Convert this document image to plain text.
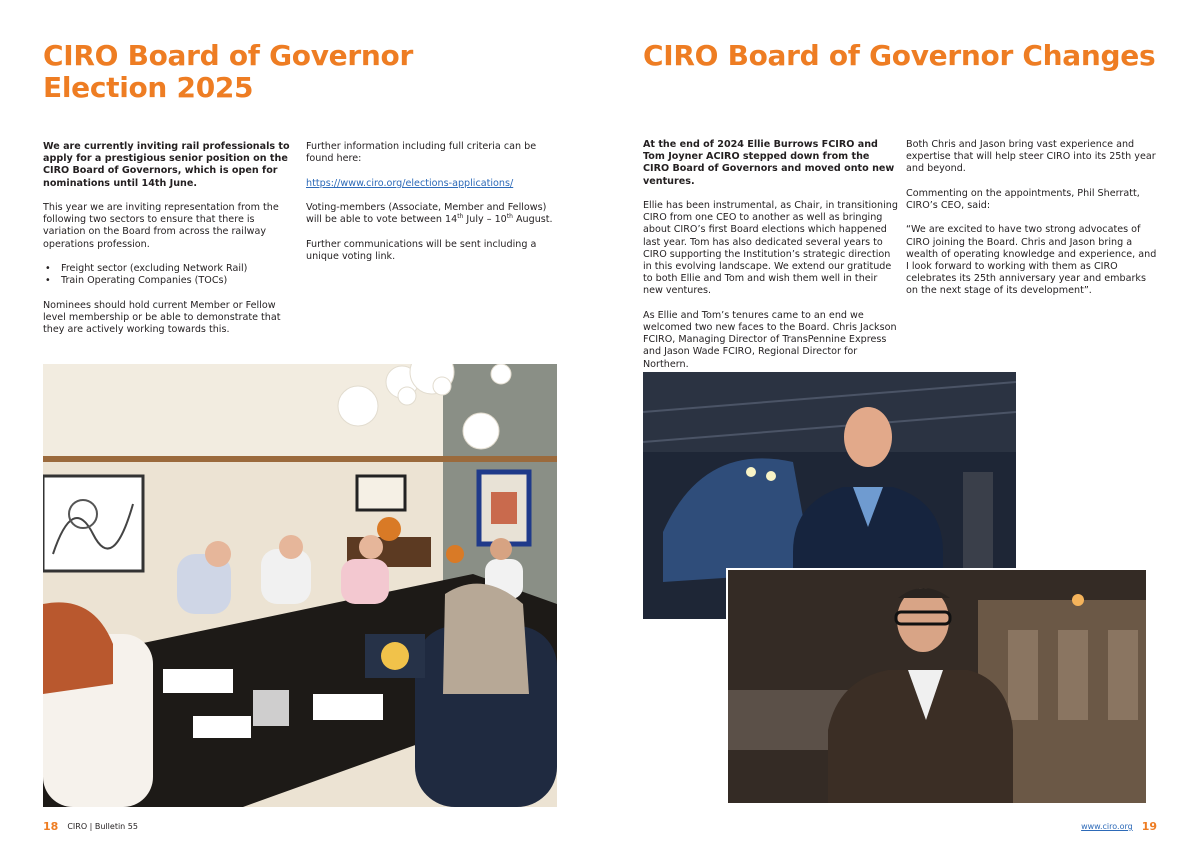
CIRO Board of Governor Election 2025

We are currently inviting rail professionals to apply for a prestigious senior position on the CIRO Board of Governors, which is open for nominations until 14th June.

This year we are inviting representation from the following two sectors to ensure that there is variation on the Board from across the railway operations profession.

• Freight sector (excluding Network Rail)
• Train Operating Companies (TOCs)

Nominees should hold current Member or Fellow level membership or be able to demonstrate that they are actively working towards this.

Further information including full criteria can be found here:

https://www.ciro.org/elections-applications/

Voting-members (Associate, Member and Fellows) will be able to vote between 14th July – 10th August.

Further communications will be sent including a unique voting link.

18 CIRO | Bulletin 55
CIRO Board of Governor Changes

At the end of 2024 Ellie Burrows FCIRO and Tom Joyner ACIRO stepped down from the CIRO Board of Governors and moved onto new ventures.

Ellie has been instrumental, as Chair, in transitioning CIRO from one CEO to another as well as bringing about CIRO’s first Board elections which happened last year. Tom has also dedicated several years to CIRO supporting the Institution’s strategic direction in this evolving landscape. We extend our gratitude to both Ellie and Tom and wish them well in their new ventures.

As Ellie and Tom’s tenures came to an end we welcomed two new faces to the Board. Chris Jackson FCIRO, Managing Director of TransPennine Express and Jason Wade FCIRO, Regional Director for Northern.

Both Chris and Jason bring vast experience and expertise that will help steer CIRO into its 25th year and beyond.

Commenting on the appointments, Phil Sherratt, CIRO’s CEO, said:

“We are excited to have two strong advocates of CIRO joining the Board. Chris and Jason bring a wealth of operating knowledge and experience, and I look forward to working with them as CIRO celebrates its 25th anniversary year and embarks on the next stage of its development”.

www.ciro.org 19
